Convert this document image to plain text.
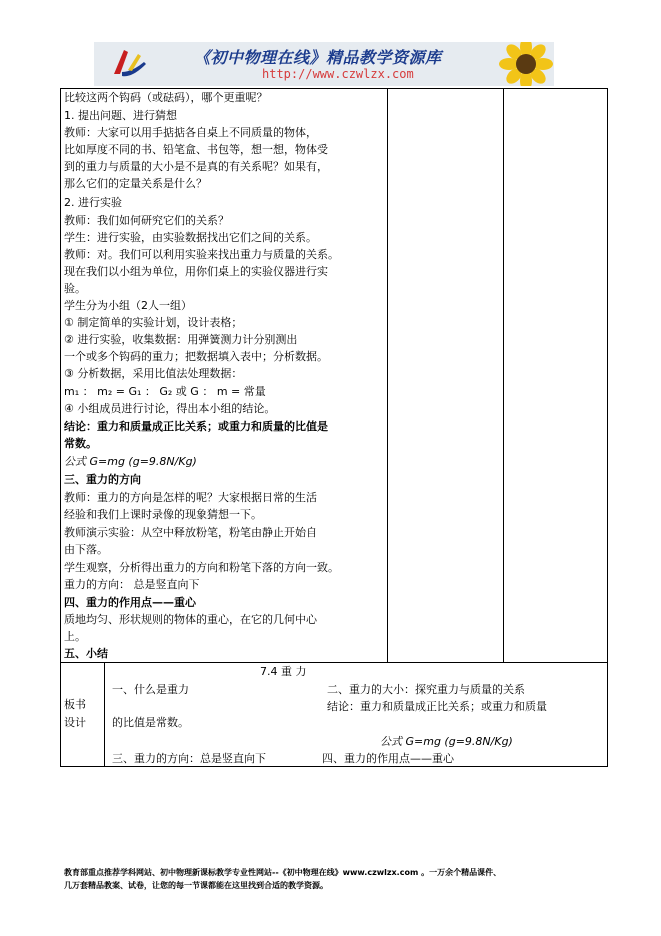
《初中物理在线》精品教学资源库
http://www.czwlzx.com
比较这两个钩码（或砝码），哪个更重呢？
1. 提出问题、进行猜想
教师：大家可以用手掂掂各自桌上不同质量的物体，
比如厚度不同的书、铅笔盒、书包等，想一想，物体受
到的重力与质量的大小是不是真的有关系呢？如果有，
那么它们的定量关系是什么？
2. 进行实验
教师：我们如何研究它们的关系？
学生：进行实验，由实验数据找出它们之间的关系。
教师：对。我们可以利用实验来找出重力与质量的关系。
现在我们以小组为单位，用你们桌上的实验仪器进行实
验。
学生分为小组（2人一组）
① 制定简单的实验计划，设计表格；
② 进行实验，收集数据：用弹簧测力计分别测出
一个或多个钩码的重力；把数据填入表中；分析数据。
③ 分析数据，采用比值法处理数据：
m₁ ： m₂ = G₁ ： G₂ 或 G ： m = 常量
④ 小组成员进行讨论，得出本小组的结论。
结论：重力和质量成正比关系；或重力和质量的比值是
常数。
公式 G=mg (g=9.8N/Kg)
三、重力的方向
教师：重力的方向是怎样的呢？大家根据日常的生活
经验和我们上课时录像的现象猜想一下。
教师演示实验：从空中释放粉笔，粉笔由静止开始自
由下落。
学生观察，分析得出重力的方向和粉笔下落的方向一致。
重力的方向： 总是竖直向下
四、重力的作用点——重心
质地均匀、形状规则的物体的重心，在它的几何中心
上。
五、小结
板书
设计
7.4 重 力
一、什么是重力	二、重力的大小：探究重力与质量的关系
结论：重力和质量成正比关系；或重力和质量
的比值是常数。
公式 G=mg (g=9.8N/Kg)
三、重力的方向：总是竖直向下	四、重力的作用点——重心
教育部重点推荐学科网站、初中物理新课标教学专业性网站--《初中物理在线》www.czwlzx.com 。一万余个精品课件、
几万套精品教案、试卷，让您的每一节课都能在这里找到合适的教学资源。
